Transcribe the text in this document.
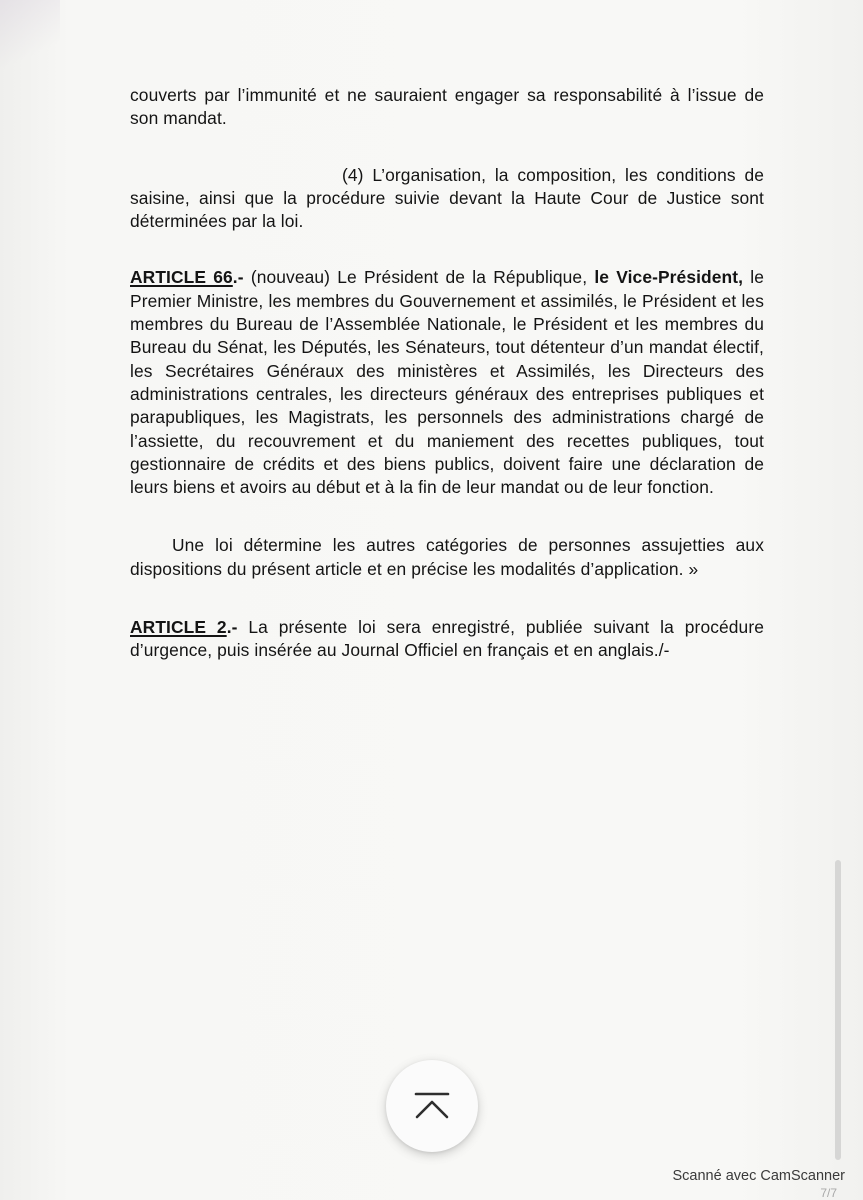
couverts par l’immunité et ne sauraient engager sa responsabilité à l’issue de son mandat.

(4) L’organisation, la composition, les conditions de saisine, ainsi que la procédure suivie devant la Haute Cour de Justice sont déterminées par la loi.

ARTICLE 66.- (nouveau) Le Président de la République, le Vice-Président, le Premier Ministre, les membres du Gouvernement et assimilés, le Président et les membres du Bureau de l’Assemblée Nationale, le Président et les membres du Bureau du Sénat, les Députés, les Sénateurs, tout détenteur d’un mandat électif, les Secrétaires Généraux des ministères et Assimilés, les Directeurs des administrations centrales, les directeurs généraux des entreprises publiques et parapubliques, les Magistrats, les personnels des administrations chargé de l’assiette, du recouvrement et du maniement des recettes publiques, tout gestionnaire de crédits et des biens publics, doivent faire une déclaration de leurs biens et avoirs au début et à la fin de leur mandat ou de leur fonction.

Une loi détermine les autres catégories de personnes assujetties aux dispositions du présent article et en précise les modalités d’application. »

ARTICLE 2.- La présente loi sera enregistré, publiée suivant la procédure d’urgence, puis insérée au Journal Officiel en français et en anglais./-

Scanné avec CamScanner
7/7
